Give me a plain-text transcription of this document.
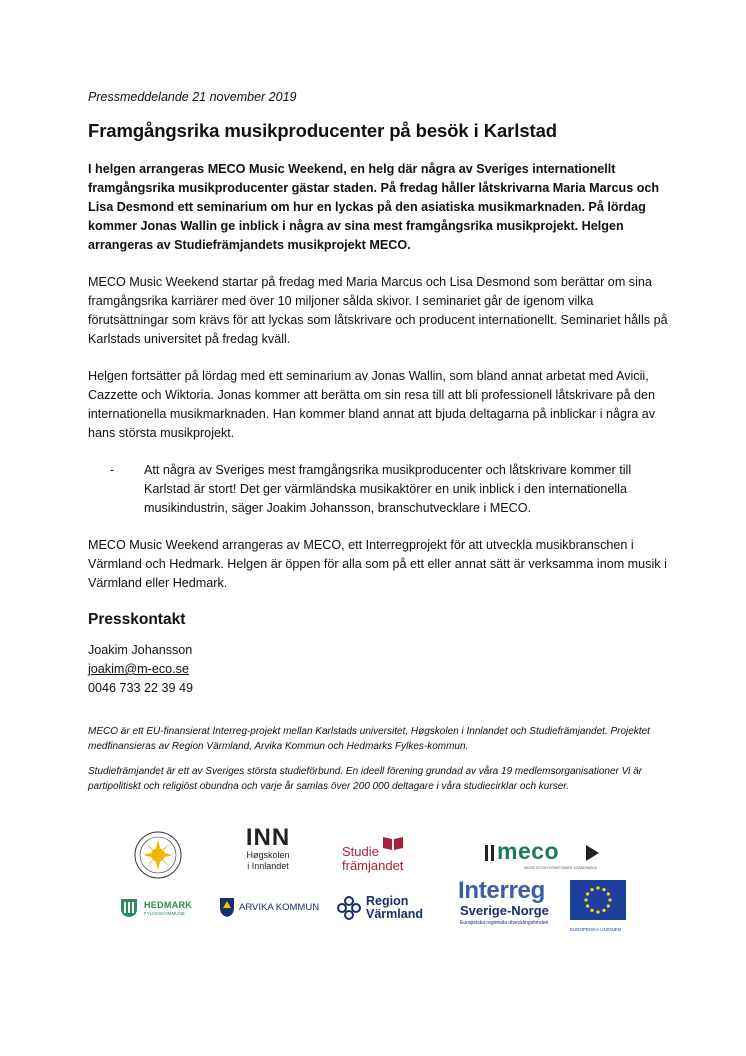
Pressmeddelande 21 november 2019

Framgångsrika musikproducenter på besök i Karlstad

I helgen arrangeras MECO Music Weekend, en helg där några av Sveriges internationellt framgångsrika musikproducenter gästar staden. På fredag håller låtskrivarna Maria Marcus och Lisa Desmond ett seminarium om hur en lyckas på den asiatiska musikmarknaden. På lördag kommer Jonas Wallin ge inblick i några av sina mest framgångsrika musikprojekt. Helgen arrangeras av Studiefrämjandets musikprojekt MECO.

MECO Music Weekend startar på fredag med Maria Marcus och Lisa Desmond som berättar om sina framgångsrika karriärer med över 10 miljoner sålda skivor. I seminariet går de igenom vilka förutsättningar som krävs för att lyckas som låtskrivare och producent internationellt. Seminariet hålls på Karlstads universitet på fredag kväll.

Helgen fortsätter på lördag med ett seminarium av Jonas Wallin, som bland annat arbetat med Avicii, Cazzette och Wiktoria. Jonas kommer att berätta om sin resa till att bli professionell låtskrivare på den internationella musikmarknaden. Han kommer bland annat att bjuda deltagarna på inblickar i några av hans största musikprojekt.

-	Att några av Sveriges mest framgångsrika musikproducenter och låtskrivare kommer till Karlstad är stort! Det ger värmländska musikaktörer en unik inblick i den internationella musikindustrin, säger Joakim Johansson, branschutvecklare i MECO.

MECO Music Weekend arrangeras av MECO, ett Interregprojekt för att utveckla musikbranschen i Värmland och Hedmark. Helgen är öppen för alla som på ett eller annat sätt är verksamma inom musik i Värmland eller Hedmark.

Presskontakt
Joakim Johansson
joakim@m-eco.se
0046 733 22 39 49

MECO är ett EU-finansierat Interreg-projekt mellan Karlstads universitet, Høgskolen i Innlandet och Studiefrämjandet. Projektet medfinansieras av Region Värmland, Arvika Kommun och Hedmarks Fylkes-kommun.

Studiefrämjandet är ett av Sveriges största studieförbund. En ideell förening grundad av våra 19 medlemsorganisationer Vi är partipolitiskt och religiöst obundna och varje år samlas över 200 000 deltagare i våra studiecirklar och kurser.

INN
Høgskolen
i Innlandet
Studie
främjandet
meco
MUSIC ECOSYSTEMS INNER SCANDINAVIA
HEDMARK
FYLKESKOMMUNE
ARVIKA KOMMUN	Region
Värmland
Interreg
Sverige-Norge
Europeiska regionala utvecklingsfonden
EUROPEISKA UNIONEN
